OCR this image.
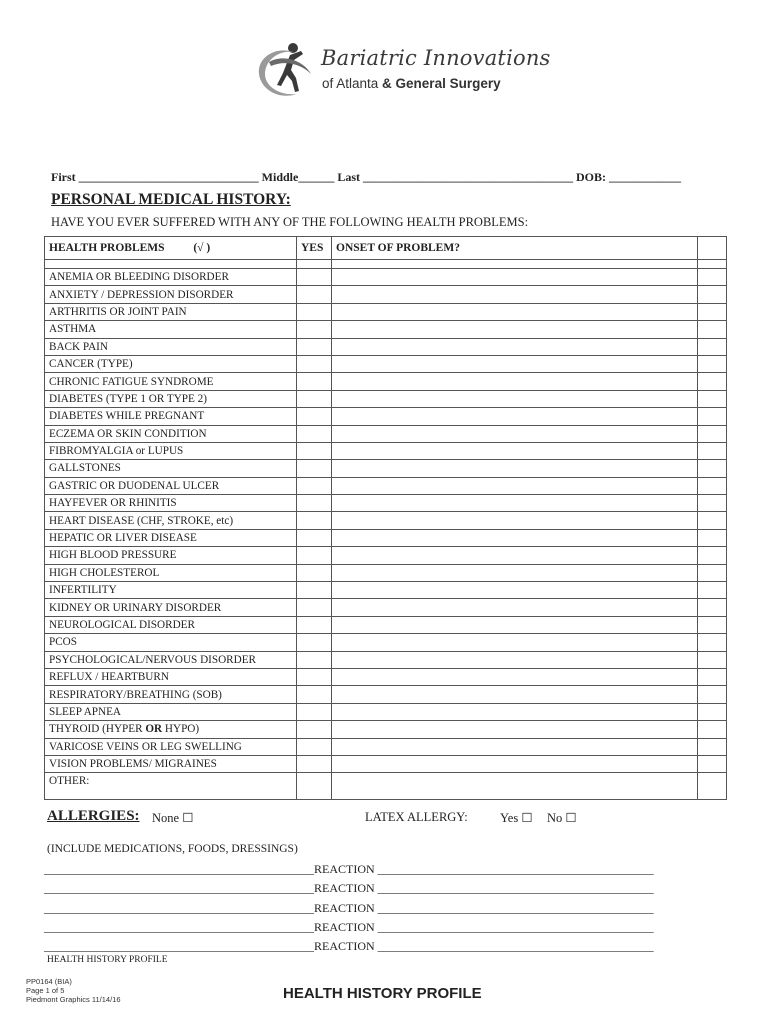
Bariatric Innovations
of Atlanta & General Surgery
First ______________________________ Middle______ Last ___________________________________ DOB: ____________
PERSONAL MEDICAL HISTORY:
HAVE YOU EVER SUFFERED WITH ANY OF THE FOLLOWING HEALTH PROBLEMS:
HEALTH PROBLEMS (√ )	YES	ONSET OF PROBLEM?	

ANEMIA OR BLEEDING DISORDER			
ANXIETY / DEPRESSION DISORDER			
ARTHRITIS OR JOINT PAIN			
ASTHMA			
BACK PAIN			
CANCER (TYPE)			
CHRONIC FATIGUE SYNDROME			
DIABETES (TYPE 1 OR TYPE 2)			
DIABETES WHILE PREGNANT			
ECZEMA OR SKIN CONDITION			
FIBROMYALGIA or LUPUS			
GALLSTONES			
GASTRIC OR DUODENAL ULCER			
HAYFEVER OR RHINITIS			
HEART DISEASE (CHF, STROKE, etc)			
HEPATIC OR LIVER DISEASE			
HIGH BLOOD PRESSURE			
HIGH CHOLESTEROL			
INFERTILITY			
KIDNEY OR URINARY DISORDER			
NEUROLOGICAL DISORDER			
PCOS			
PSYCHOLOGICAL/NERVOUS DISORDER			
REFLUX / HEARTBURN			
RESPIRATORY/BREATHING (SOB)			
SLEEP APNEA			
THYROID (HYPER OR HYPO)			
VARICOSE VEINS OR LEG SWELLING			
VISION PROBLEMS/ MIGRAINES			
OTHER:			
ALLERGIES: None ☐	LATEX ALLERGY:	Yes ☐ No ☐
(INCLUDE MEDICATIONS, FOODS, DRESSINGS)
_____________________________________________REACTION ______________________________________________
_____________________________________________REACTION ______________________________________________
_____________________________________________REACTION ______________________________________________
_____________________________________________REACTION ______________________________________________
_____________________________________________REACTION ______________________________________________
HEALTH HISTORY PROFILE
PP0164 (BIA)
Page 1 of 5
Piedmont Graphics 11/14/16	HEALTH HISTORY PROFILE
